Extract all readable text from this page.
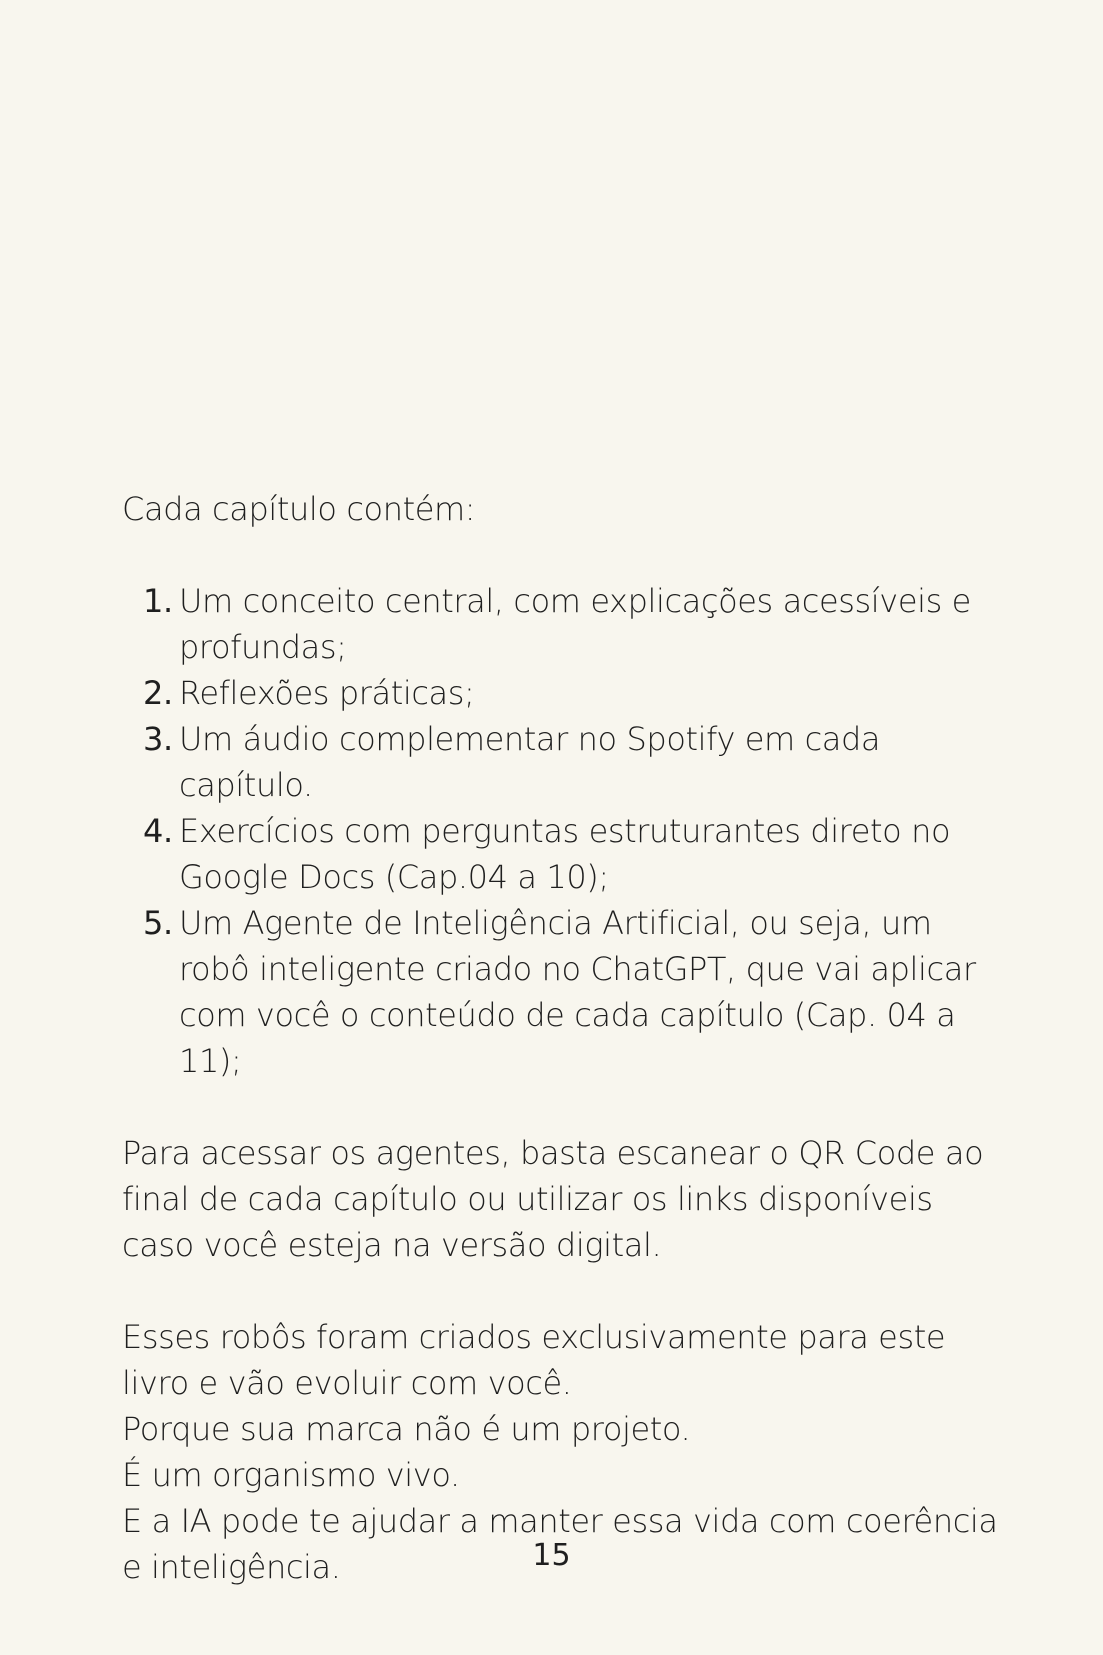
Cada capítulo contém:

1. Um conceito central, com explicações acessíveis e profundas;
2. Reflexões práticas;
3. Um áudio complementar no Spotify em cada capítulo.
4. Exercícios com perguntas estruturantes direto no Google Docs (Cap.04 a 10);
5. Um Agente de Inteligência Artificial, ou seja, um robô inteligente criado no ChatGPT, que vai aplicar com você o conteúdo de cada capítulo (Cap. 04 a 11);

Para acessar os agentes, basta escanear o QR Code ao final de cada capítulo ou utilizar os links disponíveis caso você esteja na versão digital.

Esses robôs foram criados exclusivamente para este livro e vão evoluir com você.
Porque sua marca não é um projeto.
É um organismo vivo.
E a IA pode te ajudar a manter essa vida com coerência e inteligência.	15
